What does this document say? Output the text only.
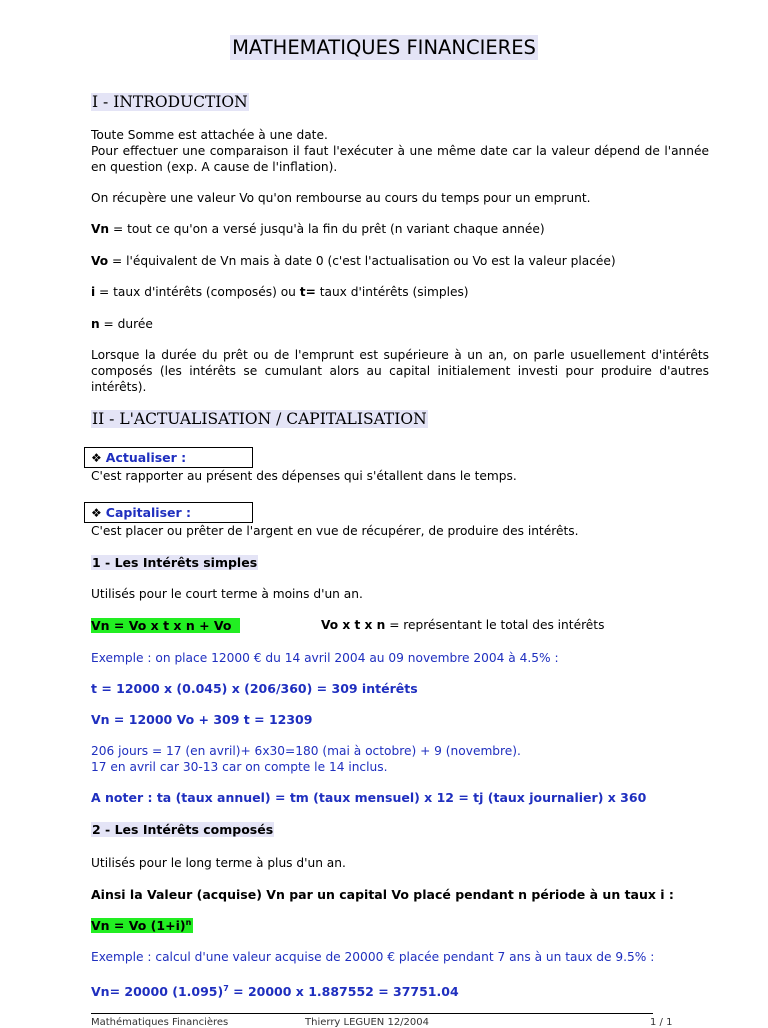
MATHEMATIQUES FINANCIERES
I - INTRODUCTION
Toute Somme est attachée à une date.
Pour effectuer une comparaison il faut l'exécuter à une même date car la valeur dépend de l'année en question (exp. A cause de l'inflation).
On récupère une valeur Vo qu'on rembourse au cours du temps pour un emprunt.
Vn = tout ce qu'on a versé jusqu'à la fin du prêt (n variant chaque année)
Vo = l'équivalent de Vn mais à date 0 (c'est l'actualisation ou Vo est la valeur placée)
i = taux d'intérêts (composés) ou t= taux d'intérêts (simples)
n = durée
Lorsque la durée du prêt ou de l'emprunt est supérieure à un an, on parle usuellement d'intérêts composés (les intérêts se cumulant alors au capital initialement investi pour produire d'autres intérêts).
II - L'ACTUALISATION / CAPITALISATION
❖ Actualiser :
C'est rapporter au présent des dépenses qui s'étallent dans le temps.
❖ Capitaliser :
C'est placer ou prêter de l'argent en vue de récupérer, de produire des intérêts.
1 - Les Intérêts simples
Utilisés pour le court terme à moins d'un an.
Vn = Vo x t x n + Vo	Vo x t x n = représentant le total des intérêts
Exemple : on place 12000 € du 14 avril 2004 au 09 novembre 2004 à 4.5% :
t = 12000 x (0.045) x (206/360) = 309 intérêts
Vn = 12000 Vo + 309 t = 12309
206 jours = 17 (en avril)+ 6x30=180 (mai à octobre) + 9 (novembre).
17 en avril car 30-13 car on compte le 14 inclus.
A noter : ta (taux annuel) = tm (taux mensuel) x 12 = tj (taux journalier) x 360
2 - Les Intérêts composés
Utilisés pour le long terme à plus d'un an.
Ainsi la Valeur (acquise) Vn par un capital Vo placé pendant n période à un taux i :
Vn = Vo $(1+i)^n$
Exemple : calcul d'une valeur acquise de 20000 € placée pendant 7 ans à un taux de 9.5% :
Vn= 20000 $(1.095)^7 = 20000$ x 1.887552 = 37751.04
Mathématiques Financières	Thierry LEGUEN 12/2004	1 / 1
